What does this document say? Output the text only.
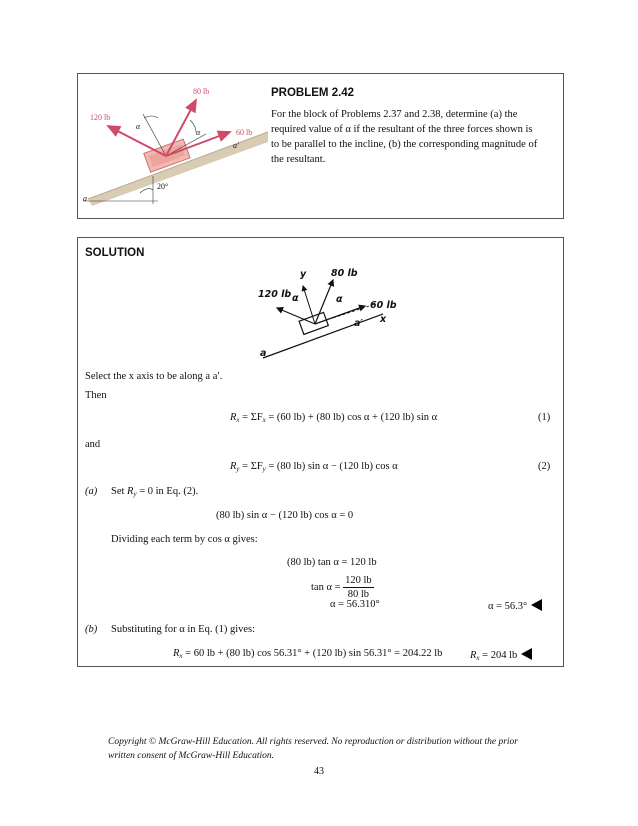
80 lb
120 lb
60 lb
α
α
a′
20°
a
PROBLEM 2.42
For the block of Problems 2.37 and 2.38, determine (a) the
required value of α if the resultant of the three forces shown is
to be parallel to the incline, (b) the corresponding magnitude of
the resultant.
SOLUTION
120 lb
80 lb
60 lb
y
α	α
a′ x
a
Select the x axis to be along a a′.
Then
$R_x = \Sigma F_x = (60$ lb) + (80 lb) cos α + (120 lb) sin α	(1)
and
$R_y = \Sigma F_y = (80$ lb) sin α − (120 lb) cos α	(2)
(a) Set $R_y = 0$ in Eq. (2).
(80 lb) sin α − (120 lb) cos α = 0
Dividing each term by cos α gives:
(80 lb) tan α = 120 lb
$\tan \alpha = \frac{120 lb}{80 lb}$
α = 56.310°	α = 56.3°
(b) Substituting for α in Eq. (1) gives:
$R_x = 60$ lb + (80 lb) cos 56.31° + (120 lb) sin 56.31° = 204.22 lb	$R_x = 204$ lb
Copyright © McGraw-Hill Education. All rights reserved. No reproduction or distribution without the prior
written consent of McGraw-Hill Education.
43
